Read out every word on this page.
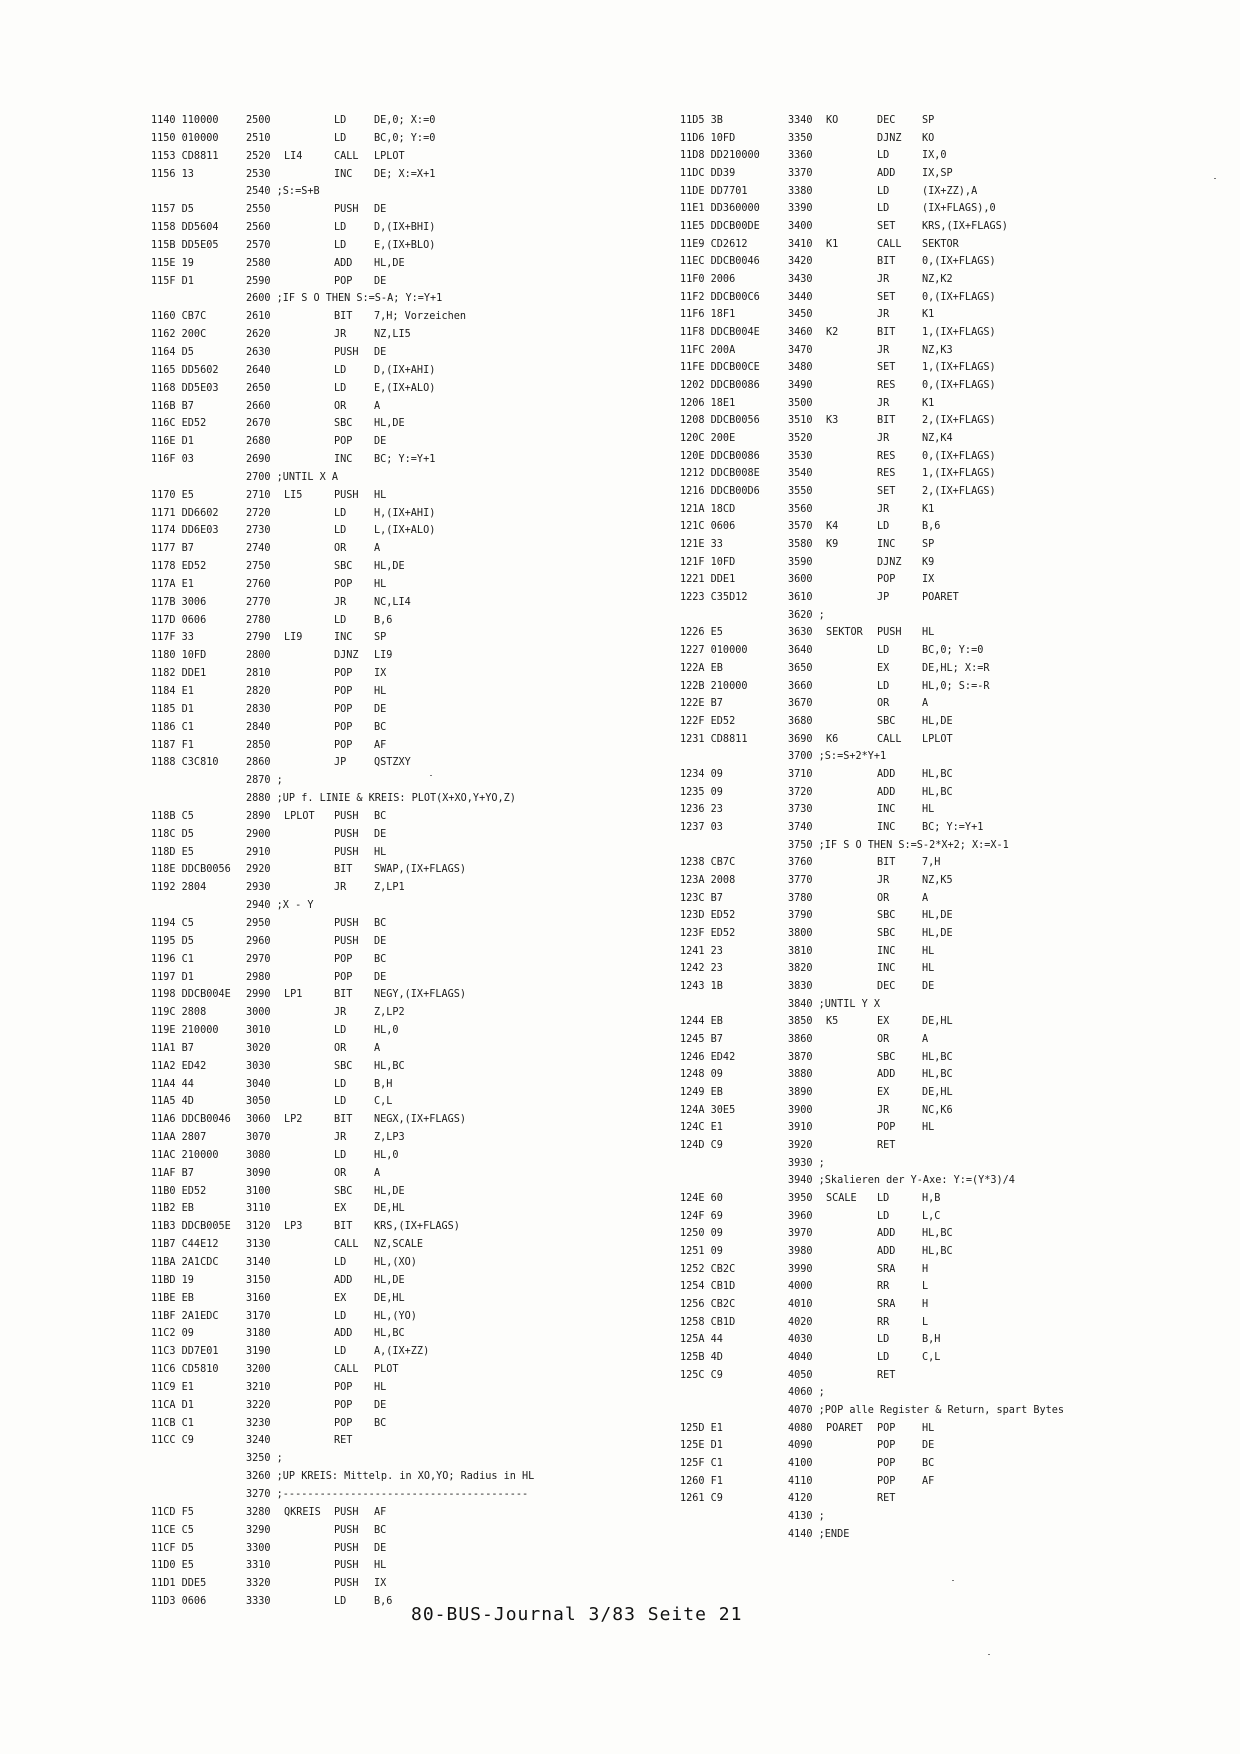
1140 110000	2500	LD	DE,0; X:=0
1150 010000	2510	LD	BC,0; Y:=0
1153 CD8811	2520 LI4	CALL LPLOT
1156 13	2530	INC DE; X:=X+1
2540 ;S:=S+B
1157 D5	2550	PUSH DE
1158 DD5604	2560	LD	D,(IX+BHI)
115B DD5E05	2570	LD	E,(IX+BLO)
115E 19	2580	ADD HL,DE
115F D1	2590	POP DE
2600 ;IF S O THEN S:=S-A; Y:=Y+1
1160 CB7C	2610	BIT 7,H; Vorzeichen
1162 200C	2620	JR	NZ,LI5
1164 D5	2630	PUSH DE
1165 DD5602	2640	LD	D,(IX+AHI)
1168 DD5E03	2650	LD	E,(IX+ALO)
116B B7	2660	OR	A
116C ED52	2670	SBC HL,DE
116E D1	2680	POP DE
116F 03	2690	INC BC; Y:=Y+1
2700 ;UNTIL X A
1170 E5	2710 LI5	PUSH HL
1171 DD6602	2720	LD	H,(IX+AHI)
1174 DD6E03	2730	LD	L,(IX+ALO)
1177 B7	2740	OR	A
1178 ED52	2750	SBC HL,DE
117A E1	2760	POP HL
117B 3006	2770	JR	NC,LI4
117D 0606	2780	LD	B,6
117F 33	2790 LI9	INC SP
1180 10FD	2800	DJNZ LI9
1182 DDE1	2810	POP IX
1184 E1	2820	POP HL
1185 D1	2830	POP DE
1186 C1	2840	POP BC
1187 F1	2850	POP AF
1188 C3C810	2860	JP	QSTZXY
2870 ;
2880 ;UP f. LINIE & KREIS: PLOT(X+XO,Y+YO,Z)
118B C5	2890 LPLOT PUSH BC
118C D5	2900	PUSH DE
118D E5	2910	PUSH HL
118E DDCB0056 2920	BIT SWAP,(IX+FLAGS)
1192 2804	2930	JR	Z,LP1
2940 ;X - Y
1194 C5	2950	PUSH BC
1195 D5	2960	PUSH DE
1196 C1	2970	POP BC
1197 D1	2980	POP DE
1198 DDCB004E 2990 LP1	BIT NEGY,(IX+FLAGS)
119C 2808	3000	JR	Z,LP2
119E 210000	3010	LD	HL,0
11A1 B7	3020	OR	A
11A2 ED42	3030	SBC HL,BC
11A4 44	3040	LD	B,H
11A5 4D	3050	LD	C,L
11A6 DDCB0046 3060 LP2	BIT NEGX,(IX+FLAGS)
11AA 2807	3070	JR	Z,LP3
11AC 210000	3080	LD	HL,0
11AF B7	3090	OR	A
11B0 ED52	3100	SBC HL,DE
11B2 EB	3110	EX	DE,HL
11B3 DDCB005E 3120 LP3	BIT KRS,(IX+FLAGS)
11B7 C44E12	3130	CALL NZ,SCALE
11BA 2A1CDC	3140	LD	HL,(XO)
11BD 19	3150	ADD HL,DE
11BE EB	3160	EX	DE,HL
11BF 2A1EDC	3170	LD	HL,(YO)
11C2 09	3180	ADD HL,BC
11C3 DD7E01	3190	LD	A,(IX+ZZ)
11C6 CD5810	3200	CALL PLOT
11C9 E1	3210	POP HL
11CA D1	3220	POP DE
11CB C1	3230	POP BC
11CC C9	3240	RET
3250 ;
3260 ;UP KREIS: Mittelp. in XO,YO; Radius in HL
3270 ;----------------------------------------
11CD F5	3280 QKREIS PUSH AF
11CE C5	3290	PUSH BC
11CF D5	3300	PUSH DE
11D0 E5	3310	PUSH HL
11D1 DDE5	3320	PUSH IX
11D3 0606	3330	LD	B,6
11D5 3B	3340 KO	DEC	SP
11D6 10FD	3350	DJNZ KO
11D8 DD210000	3360	LD	IX,0
11DC DD39	3370	ADD	IX,SP
11DE DD7701	3380	LD	(IX+ZZ),A
11E1 DD360000	3390	LD	(IX+FLAGS),0
11E5 DDCB00DE	3400	SET	KRS,(IX+FLAGS)
11E9 CD2612	3410 K1	CALL SEKTOR
11EC DDCB0046	3420	BIT	0,(IX+FLAGS)
11F0 2006	3430	JR	NZ,K2
11F2 DDCB00C6	3440	SET	0,(IX+FLAGS)
11F6 18F1	3450	JR	K1
11F8 DDCB004E	3460 K2	BIT	1,(IX+FLAGS)
11FC 200A	3470	JR	NZ,K3
11FE DDCB00CE	3480	SET	1,(IX+FLAGS)
1202 DDCB0086	3490	RES	0,(IX+FLAGS)
1206 18E1	3500	JR	K1
1208 DDCB0056	3510 K3	BIT	2,(IX+FLAGS)
120C 200E	3520	JR	NZ,K4
120E DDCB0086	3530	RES	0,(IX+FLAGS)
1212 DDCB008E	3540	RES	1,(IX+FLAGS)
1216 DDCB00D6	3550	SET	2,(IX+FLAGS)
121A 18CD	3560	JR	K1
121C 0606	3570 K4	LD	B,6
121E 33	3580 K9	INC	SP
121F 10FD	3590	DJNZ K9
1221 DDE1	3600	POP	IX
1223 C35D12	3610	JP	POARET
3620 ;
1226 E5	3630 SEKTOR PUSH HL
1227 010000	3640	LD	BC,0; Y:=0
122A EB	3650	EX	DE,HL; X:=R
122B 210000	3660	LD	HL,0; S:=-R
122E B7	3670	OR	A
122F ED52	3680	SBC	HL,DE
1231 CD8811	3690 K6	CALL LPLOT
3700 ;S:=S+2*Y+1
1234 09	3710	ADD	HL,BC
1235 09	3720	ADD	HL,BC
1236 23	3730	INC	HL
1237 03	3740	INC	BC; Y:=Y+1
3750 ;IF S O THEN S:=S-2*X+2; X:=X-1
1238 CB7C	3760	BIT	7,H
123A 2008	3770	JR	NZ,K5
123C B7	3780	OR	A
123D ED52	3790	SBC	HL,DE
123F ED52	3800	SBC	HL,DE
1241 23	3810	INC	HL
1242 23	3820	INC	HL
1243 1B	3830	DEC	DE
3840 ;UNTIL Y X
1244 EB	3850 K5	EX	DE,HL
1245 B7	3860	OR	A
1246 ED42	3870	SBC	HL,BC
1248 09	3880	ADD	HL,BC
1249 EB	3890	EX	DE,HL
124A 30E5	3900	JR	NC,K6
124C E1	3910	POP	HL
124D C9	3920	RET
3930 ;
3940 ;Skalieren der Y-Axe: Y:=(Y*3)/4
124E 60	3950 SCALE LD	H,B
124F 69	3960	LD	L,C
1250 09	3970	ADD	HL,BC
1251 09	3980	ADD	HL,BC
1252 CB2C	3990	SRA	H
1254 CB1D	4000	RR	L
1256 CB2C	4010	SRA	H
1258 CB1D	4020	RR	L
125A 44	4030	LD	B,H
125B 4D	4040	LD	C,L
125C C9	4050	RET
4060 ;
4070 ;POP alle Register & Return, spart Bytes
125D E1	4080 POARET POP	HL
125E D1	4090	POP	DE
125F C1	4100	POP	BC
1260 F1	4110	POP	AF
1261 C9	4120	RET
4130 ;
4140 ;ENDE
80-BUS-Journal 3/83 Seite 21
